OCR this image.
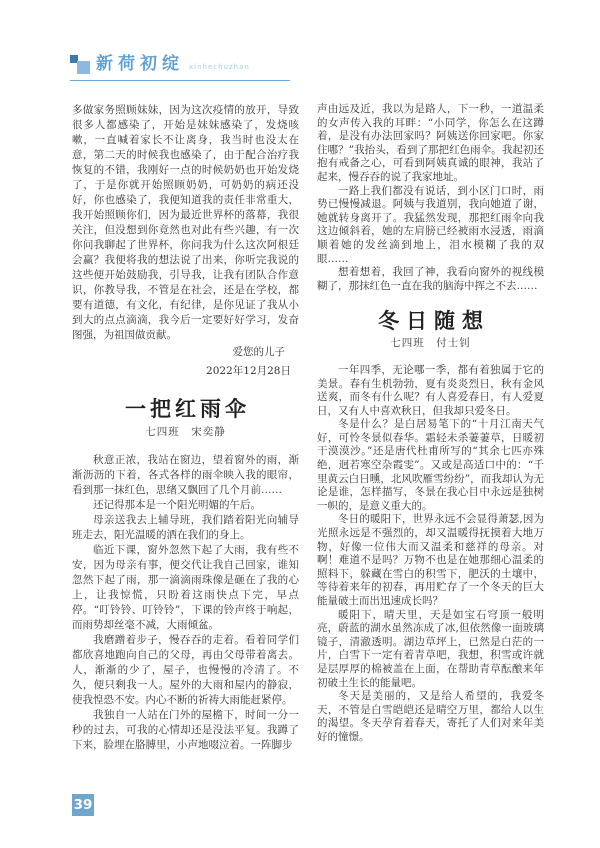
新荷初绽 xinhechuzhan

多做家务照顾妹妹，因为这次疫情的放开，导致很多人都感染了，开始是妹妹感染了，发烧咳嗽，一直喊着家长不让离身，我当时也没太在意，第二天的时候我也感染了，由于配合治疗我恢复的不错，我刚好一点的时候奶奶也开始发烧了，于是你就开始照顾奶奶，可奶奶的病还没好，你也感染了，我便知道我的责任非常重大，我开始照顾你们，因为最近世界杯的落幕，我很关注，但没想到你竟然也对此有些兴趣，有一次你问我聊起了世界杯，你问我为什么这次阿根廷会赢？我便将我的想法说了出来，你听完我说的这些便开始鼓励我，引导我，让我有团队合作意识，你教导我，不管是在社会，还是在学校，都要有道德，有文化，有纪律，是你见证了我从小到大的点点滴滴，我今后一定要好好学习，发奋图强，为祖国做贡献。

爱您的儿子

2022年12月28日

一把红雨伞
七四班　宋奕静

秋意正浓，我站在窗边，望着窗外的雨，渐渐沥沥的下着，各式各样的雨伞映入我的眼帘，看到那一抹红色，思绪又飘回了几个月前……

还记得那本是一个阳光明媚的午后。

母亲送我去上辅导班，我们踏着阳光向辅导班走去，阳光温暖的洒在我们的身上。

临近下课，窗外忽然下起了大雨，我有些不安，因为母亲有事，便交代让我自己回家，谁知忽然下起了雨，那一滴滴雨珠像是砸在了我的心上，让我惊慌，只盼着这雨快点下完，早点停。“叮铃铃、叮铃铃”，下课的铃声终于响起，而雨势却丝毫不减，大雨倾盆。

我磨蹭着步子，慢吞吞的走着。看着同学们都欣喜地跑向自己的父母，再由父母带着离去。人，渐渐的少了，屋子，也慢慢的冷清了。不久，便只剩我一人。屋外的大雨和屋内的静寂，使我惶恐不安。内心不断的祈祷大雨能赶紧停。

我独自一人站在门外的屋檐下，时间一分一秒的过去，可我的心情却还是没法平复。我蹲了下来，脸埋在胳膊里，小声地啜泣着。一阵脚步

声由远及近，我以为是路人，下一秒，一道温柔的女声传入我的耳畔：“小同学，你怎么在这蹲着，是没有办法回家吗？阿姨送你回家吧。你家住哪？”我抬头，看到了那把红色雨伞。我起初还抱有戒备之心，可看到阿姨真诚的眼神，我站了起来，慢吞吞的说了我家地址。

一路上我们都没有说话，到小区门口时，雨势已慢慢减退。阿姨与我道别，我向她道了谢，她就转身离开了。我猛然发现，那把红雨伞向我这边倾斜着，她的左肩膀已经被雨水浸透，雨滴顺着她的发丝滴到地上，泪水模糊了我的双眼……

想着想着，我回了神，我看向窗外的视线模糊了，那抹红色一直在我的脑海中挥之不去……

冬日随想
七四班　付士钊

一年四季，无论哪一季，都有着独属于它的美景。春有生机勃勃，夏有炎炎烈日，秋有金风送爽，而冬有什么呢？有人喜爱春日，有人爱夏日，又有人中喜欢秋日，但我却只爱冬日。

冬是什么？是白居易笔下的“十月江南天气好，可怜冬景似春华。霜轻未杀萋萋草，日暖初干漠漠沙。”还是唐代杜甫所写的“其余七匹亦殊绝，迥若寒空杂霞雯”。又或是高适口中的：“千里黄云白日曛，北风吹雁雪纷纷”，而我却认为无论是谁，怎样描写，冬景在我心目中永远是独树一帜的，是意义重大的。

冬日的暖阳下，世界永远不会显得萧瑟,因为光照永远是不强烈的，却又温暖得抚摸着大地万物，好像一位伟大而又温柔和慈祥的母亲。对啊！难道不是吗？万物不也是在她那细心温柔的照料下，躲藏在雪白的积雪下，肥沃的土壤中，等待着来年的初春，再用贮存了一个冬天的巨大能量破土而出迅速成长吗？

暖阳下，晴天里，天是如宝石穹顶一般明亮，蔚蓝的湖水虽然冻成了冰,但依然像一面玻璃镜子，清澈透明。湖边草坪上，已然是白茫的一片，白雪下一定有着青草吧，我想，积雪或许就是层厚厚的棉被盖在上面，在帮助青草酝酿来年初破土生长的能量吧。

冬天是美丽的，又是给人希望的，我爱冬天，不管是白雪皑皑还是晴空万里，都给人以生的渴望。冬天孕育着春天，寄托了人们对来年美好的憧憬。

39
